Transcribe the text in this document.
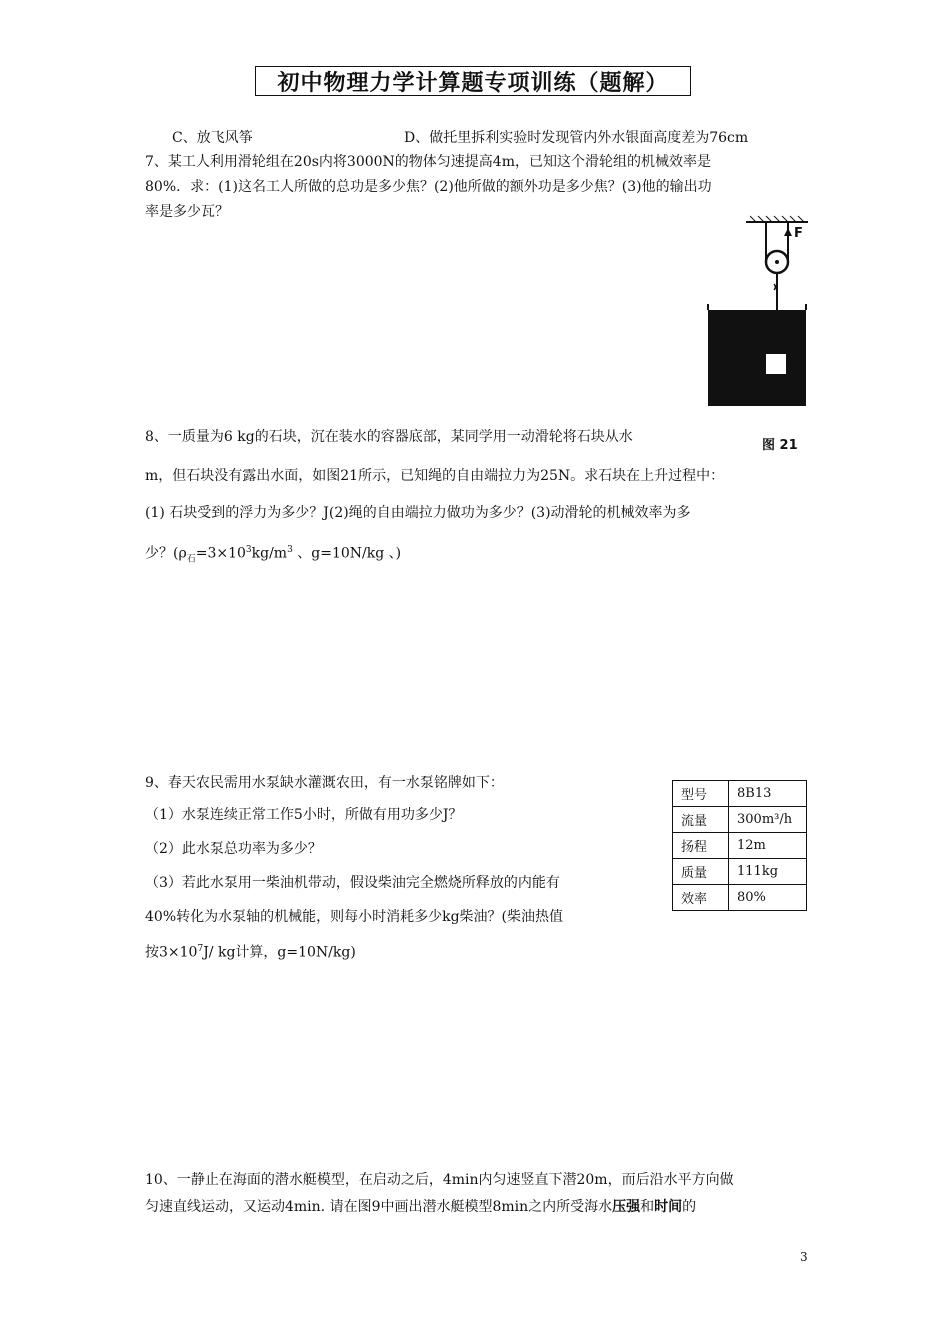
初中物理力学计算题专项训练（题解）
C、放飞风筝	D、做托里拆利实验时发现管内外水银面高度差为76cm
7、某工人利用滑轮组在20s内将3000N的物体匀速提高4m，已知这个滑轮组的机械效率是
80%．求：(1)这名工人所做的总功是多少焦？(2)他所做的额外功是多少焦？(3)他的输出功
率是多少瓦？
F
图 21
8、一质量为6 kg的石块，沉在装水的容器底部，某同学用一动滑轮将石块从水
m，但石块没有露出水面，如图21所示，已知绳的自由端拉力为25N。求石块在上升过程中：
(1) 石块受到的浮力为多少？J(2)绳的自由端拉力做功为多少？(3)动滑轮的机械效率为多
少？($\rho_石=3\times 10^3kg/m^3$ 、g=10N/kg 、)
9、春天农民需用水泵缺水灌溉农田，有一水泵铭牌如下：
（1）水泵连续正常工作5小时，所做有用功多少J？
（2）此水泵总功率为多少？
（3）若此水泵用一柴油机带动，假设柴油完全燃烧所释放的内能有
40%转化为水泵轴的机械能，则每小时消耗多少kg柴油？(柴油热值
按$3\times 10^7J/$ kg计算，g=10N/kg)
型号	8B13
流量	300m³/h
扬程	12m
质量	111kg
效率	80%
10、一静止在海面的潜水艇模型，在启动之后，4min内匀速竖直下潜20m，而后沿水平方向做
匀速直线运动，又运动4min. 请在图9中画出潜水艇模型8min之内所受海水压强和时间的
3
